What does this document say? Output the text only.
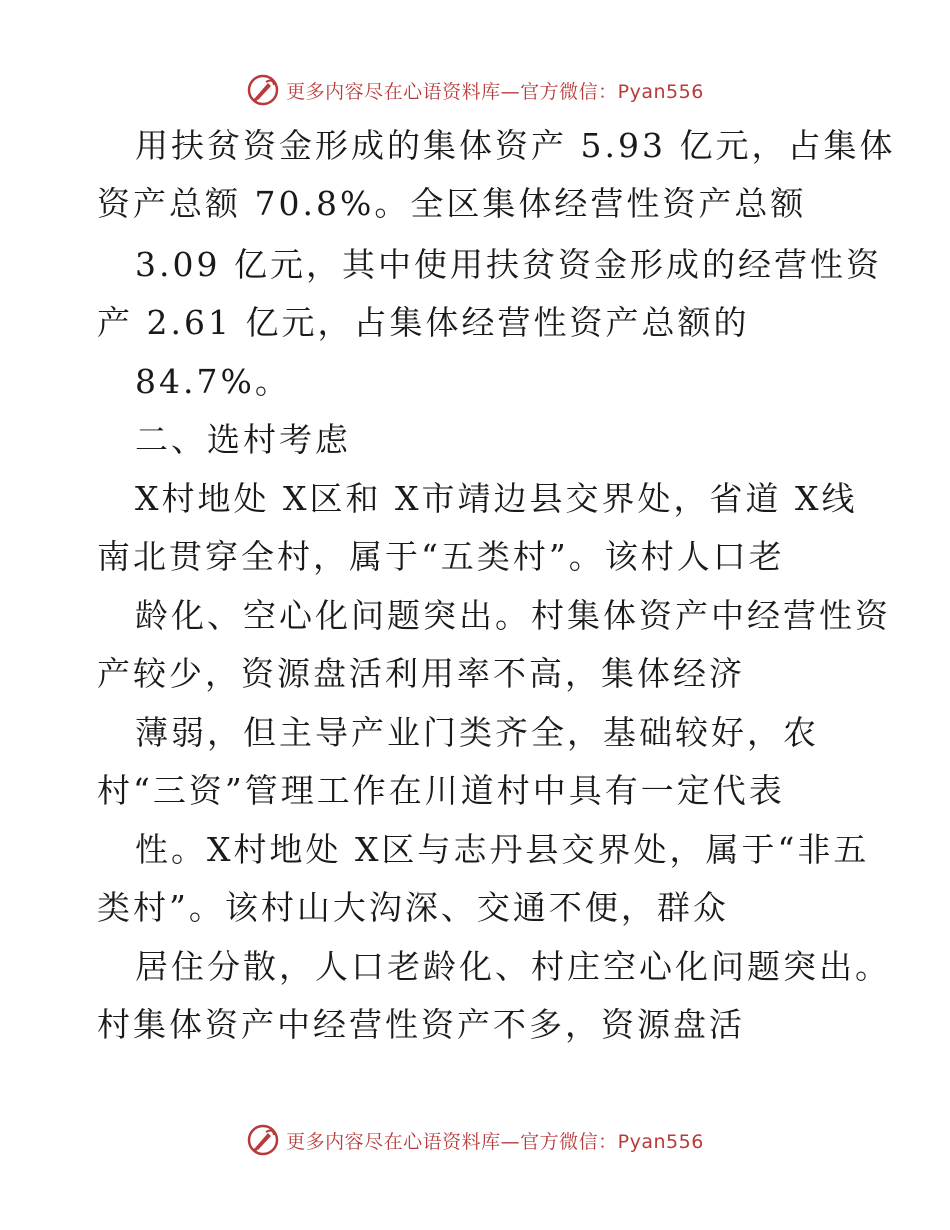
更多内容尽在心语资料库—官方微信：Pyan556
用扶贫资金形成的集体资产 5.93 亿元，占集体
资产总额 70.8%。全区集体经营性资产总额
3.09 亿元，其中使用扶贫资金形成的经营性资
产 2.61 亿元，占集体经营性资产总额的
84.7%。
二、选村考虑
X村地处 X区和 X市靖边县交界处，省道 X线
南北贯穿全村，属于“五类村”。该村人口老
龄化、空心化问题突出。村集体资产中经营性资
产较少，资源盘活利用率不高，集体经济
薄弱，但主导产业门类齐全，基础较好，农
村“三资”管理工作在川道村中具有一定代表
性。X村地处 X区与志丹县交界处，属于“非五
类村”。该村山大沟深、交通不便，群众
居住分散，人口老龄化、村庄空心化问题突出。
村集体资产中经营性资产不多，资源盘活
更多内容尽在心语资料库—官方微信：Pyan556
